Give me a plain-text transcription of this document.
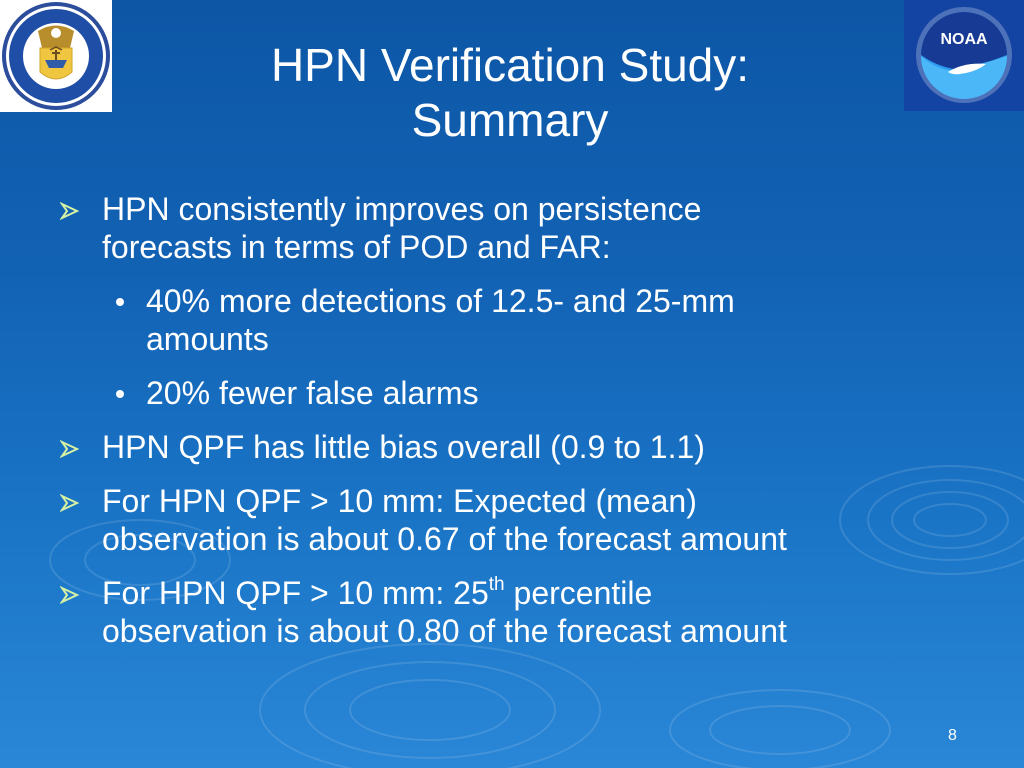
NOAA
HPN Verification Study:
Summary
HPN consistently improves on persistence
forecasts in terms of POD and FAR:
40% more detections of 12.5- and 25-mm
amounts
20% fewer false alarms
HPN QPF has little bias overall (0.9 to 1.1)
For HPN QPF > 10 mm: Expected (mean)
observation is about 0.67 of the forecast amount
For HPN QPF > 10 mm: 25th percentile
observation is about 0.80 of the forecast amount
8
